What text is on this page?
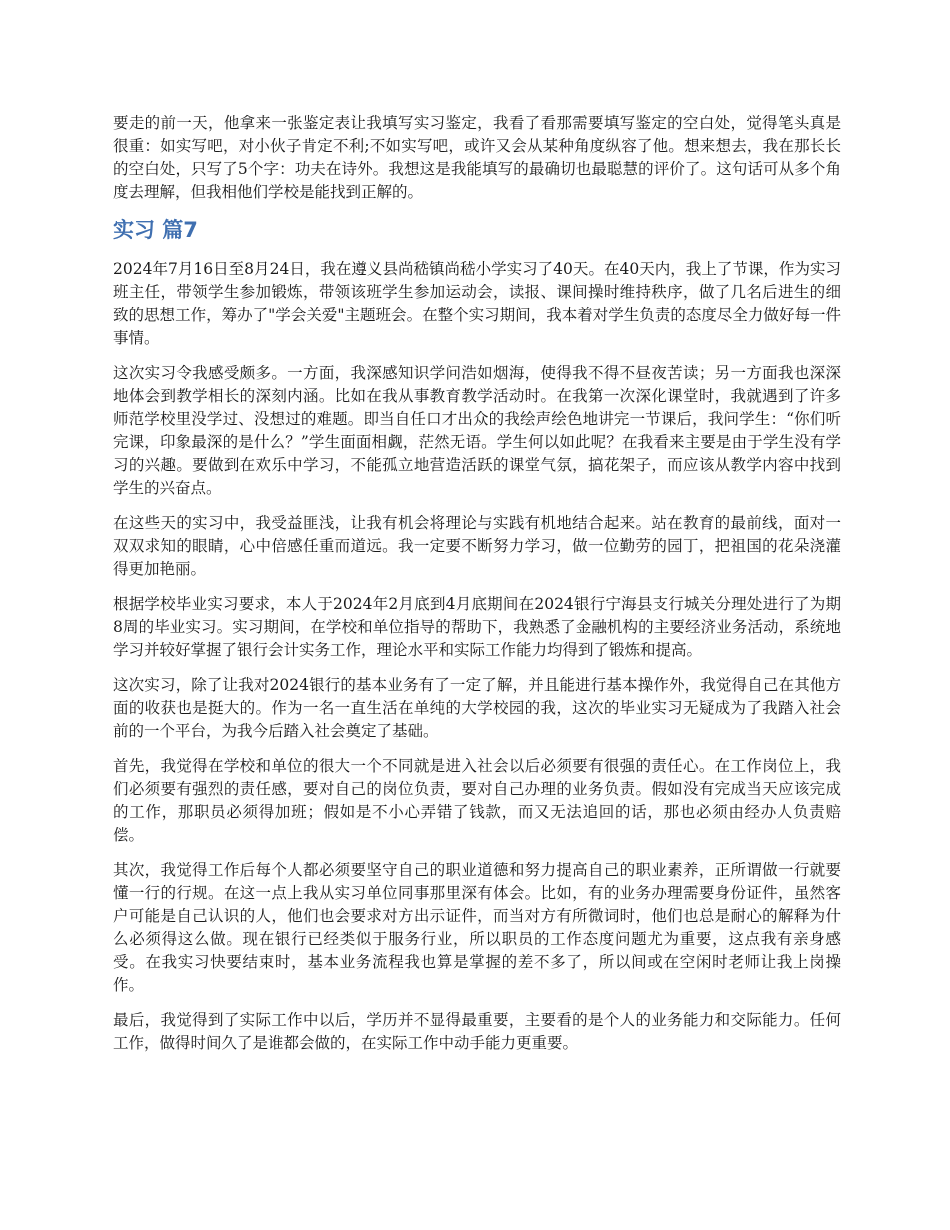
要走的前一天，他拿来一张鉴定表让我填写实习鉴定，我看了看那需要填写鉴定的空白处，觉得笔头真是很重：如实写吧，对小伙子肯定不利;不如实写吧，或许又会从某种角度纵容了他。想来想去，我在那长长的空白处，只写了5个字：功夫在诗外。我想这是我能填写的最确切也最聪慧的评价了。这句话可从多个角度去理解，但我相他们学校是能找到正解的。

实习 篇7

2024年7月16日至8月24日，我在遵义县尚嵇镇尚嵇小学实习了40天。在40天内，我上了节课，作为实习班主任，带领学生参加锻炼，带领该班学生参加运动会，读报、课间操时维持秩序，做了几名后进生的细致的思想工作，筹办了"学会关爱"主题班会。在整个实习期间，我本着对学生负责的态度尽全力做好每一件事情。

这次实习令我感受颇多。一方面，我深感知识学问浩如烟海，使得我不得不昼夜苦读；另一方面我也深深地体会到教学相长的深刻内涵。比如在我从事教育教学活动时。在我第一次深化课堂时，我就遇到了许多师范学校里没学过、没想过的难题。即当自任口才出众的我绘声绘色地讲完一节课后，我问学生：“你们听完课，印象最深的是什么？”学生面面相觑，茫然无语。学生何以如此呢？在我看来主要是由于学生没有学习的兴趣。要做到在欢乐中学习，不能孤立地营造活跃的课堂气氛，搞花架子，而应该从教学内容中找到学生的兴奋点。

在这些天的实习中，我受益匪浅，让我有机会将理论与实践有机地结合起来。站在教育的最前线，面对一双双求知的眼睛，心中倍感任重而道远。我一定要不断努力学习，做一位勤劳的园丁，把祖国的花朵浇灌得更加艳丽。

根据学校毕业实习要求，本人于2024年2月底到4月底期间在2024银行宁海县支行城关分理处进行了为期8周的毕业实习。实习期间，在学校和单位指导的帮助下，我熟悉了金融机构的主要经济业务活动，系统地学习并较好掌握了银行会计实务工作，理论水平和实际工作能力均得到了锻炼和提高。

这次实习，除了让我对2024银行的基本业务有了一定了解，并且能进行基本操作外，我觉得自己在其他方面的收获也是挺大的。作为一名一直生活在单纯的大学校园的我，这次的毕业实习无疑成为了我踏入社会前的一个平台，为我今后踏入社会奠定了基础。

首先，我觉得在学校和单位的很大一个不同就是进入社会以后必须要有很强的责任心。在工作岗位上，我们必须要有强烈的责任感，要对自己的岗位负责，要对自己办理的业务负责。假如没有完成当天应该完成的工作，那职员必须得加班；假如是不小心弄错了钱款，而又无法追回的话，那也必须由经办人负责赔偿。

其次，我觉得工作后每个人都必须要坚守自己的职业道德和努力提高自己的职业素养，正所谓做一行就要懂一行的行规。在这一点上我从实习单位同事那里深有体会。比如，有的业务办理需要身份证件，虽然客户可能是自己认识的人，他们也会要求对方出示证件，而当对方有所微词时，他们也总是耐心的解释为什么必须得这么做。现在银行已经类似于服务行业，所以职员的工作态度问题尤为重要，这点我有亲身感受。在我实习快要结束时，基本业务流程我也算是掌握的差不多了，所以间或在空闲时老师让我上岗操作。

最后，我觉得到了实际工作中以后，学历并不显得最重要，主要看的是个人的业务能力和交际能力。任何工作，做得时间久了是谁都会做的，在实际工作中动手能力更重要。
